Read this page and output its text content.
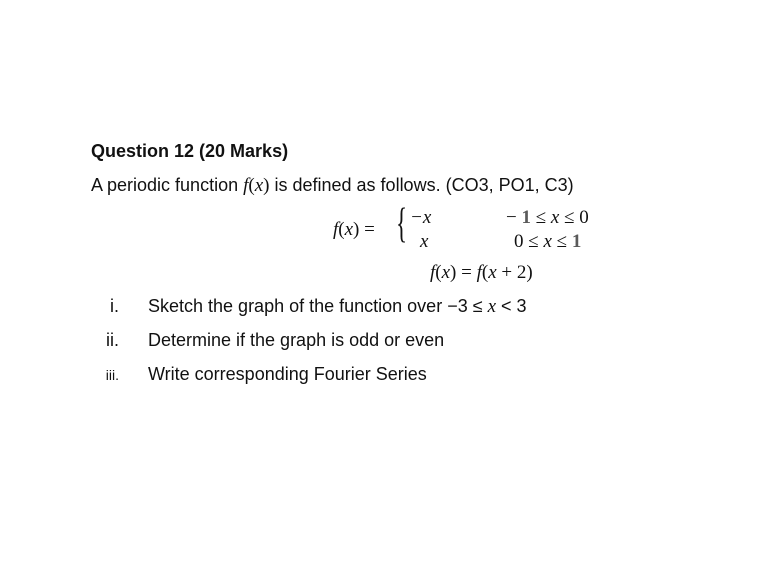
Question 12 (20 Marks)
A periodic function f(x) is defined as follows. (CO3, PO1, C3)
f(x) = { −x
x
− 1 ≤ x ≤ 0
0 ≤ x ≤ 1
f(x) = f(x + 2)
i. Sketch the graph of the function over −3 ≤ x < 3
ii. Determine if the graph is odd or even
iii. Write corresponding Fourier Series
